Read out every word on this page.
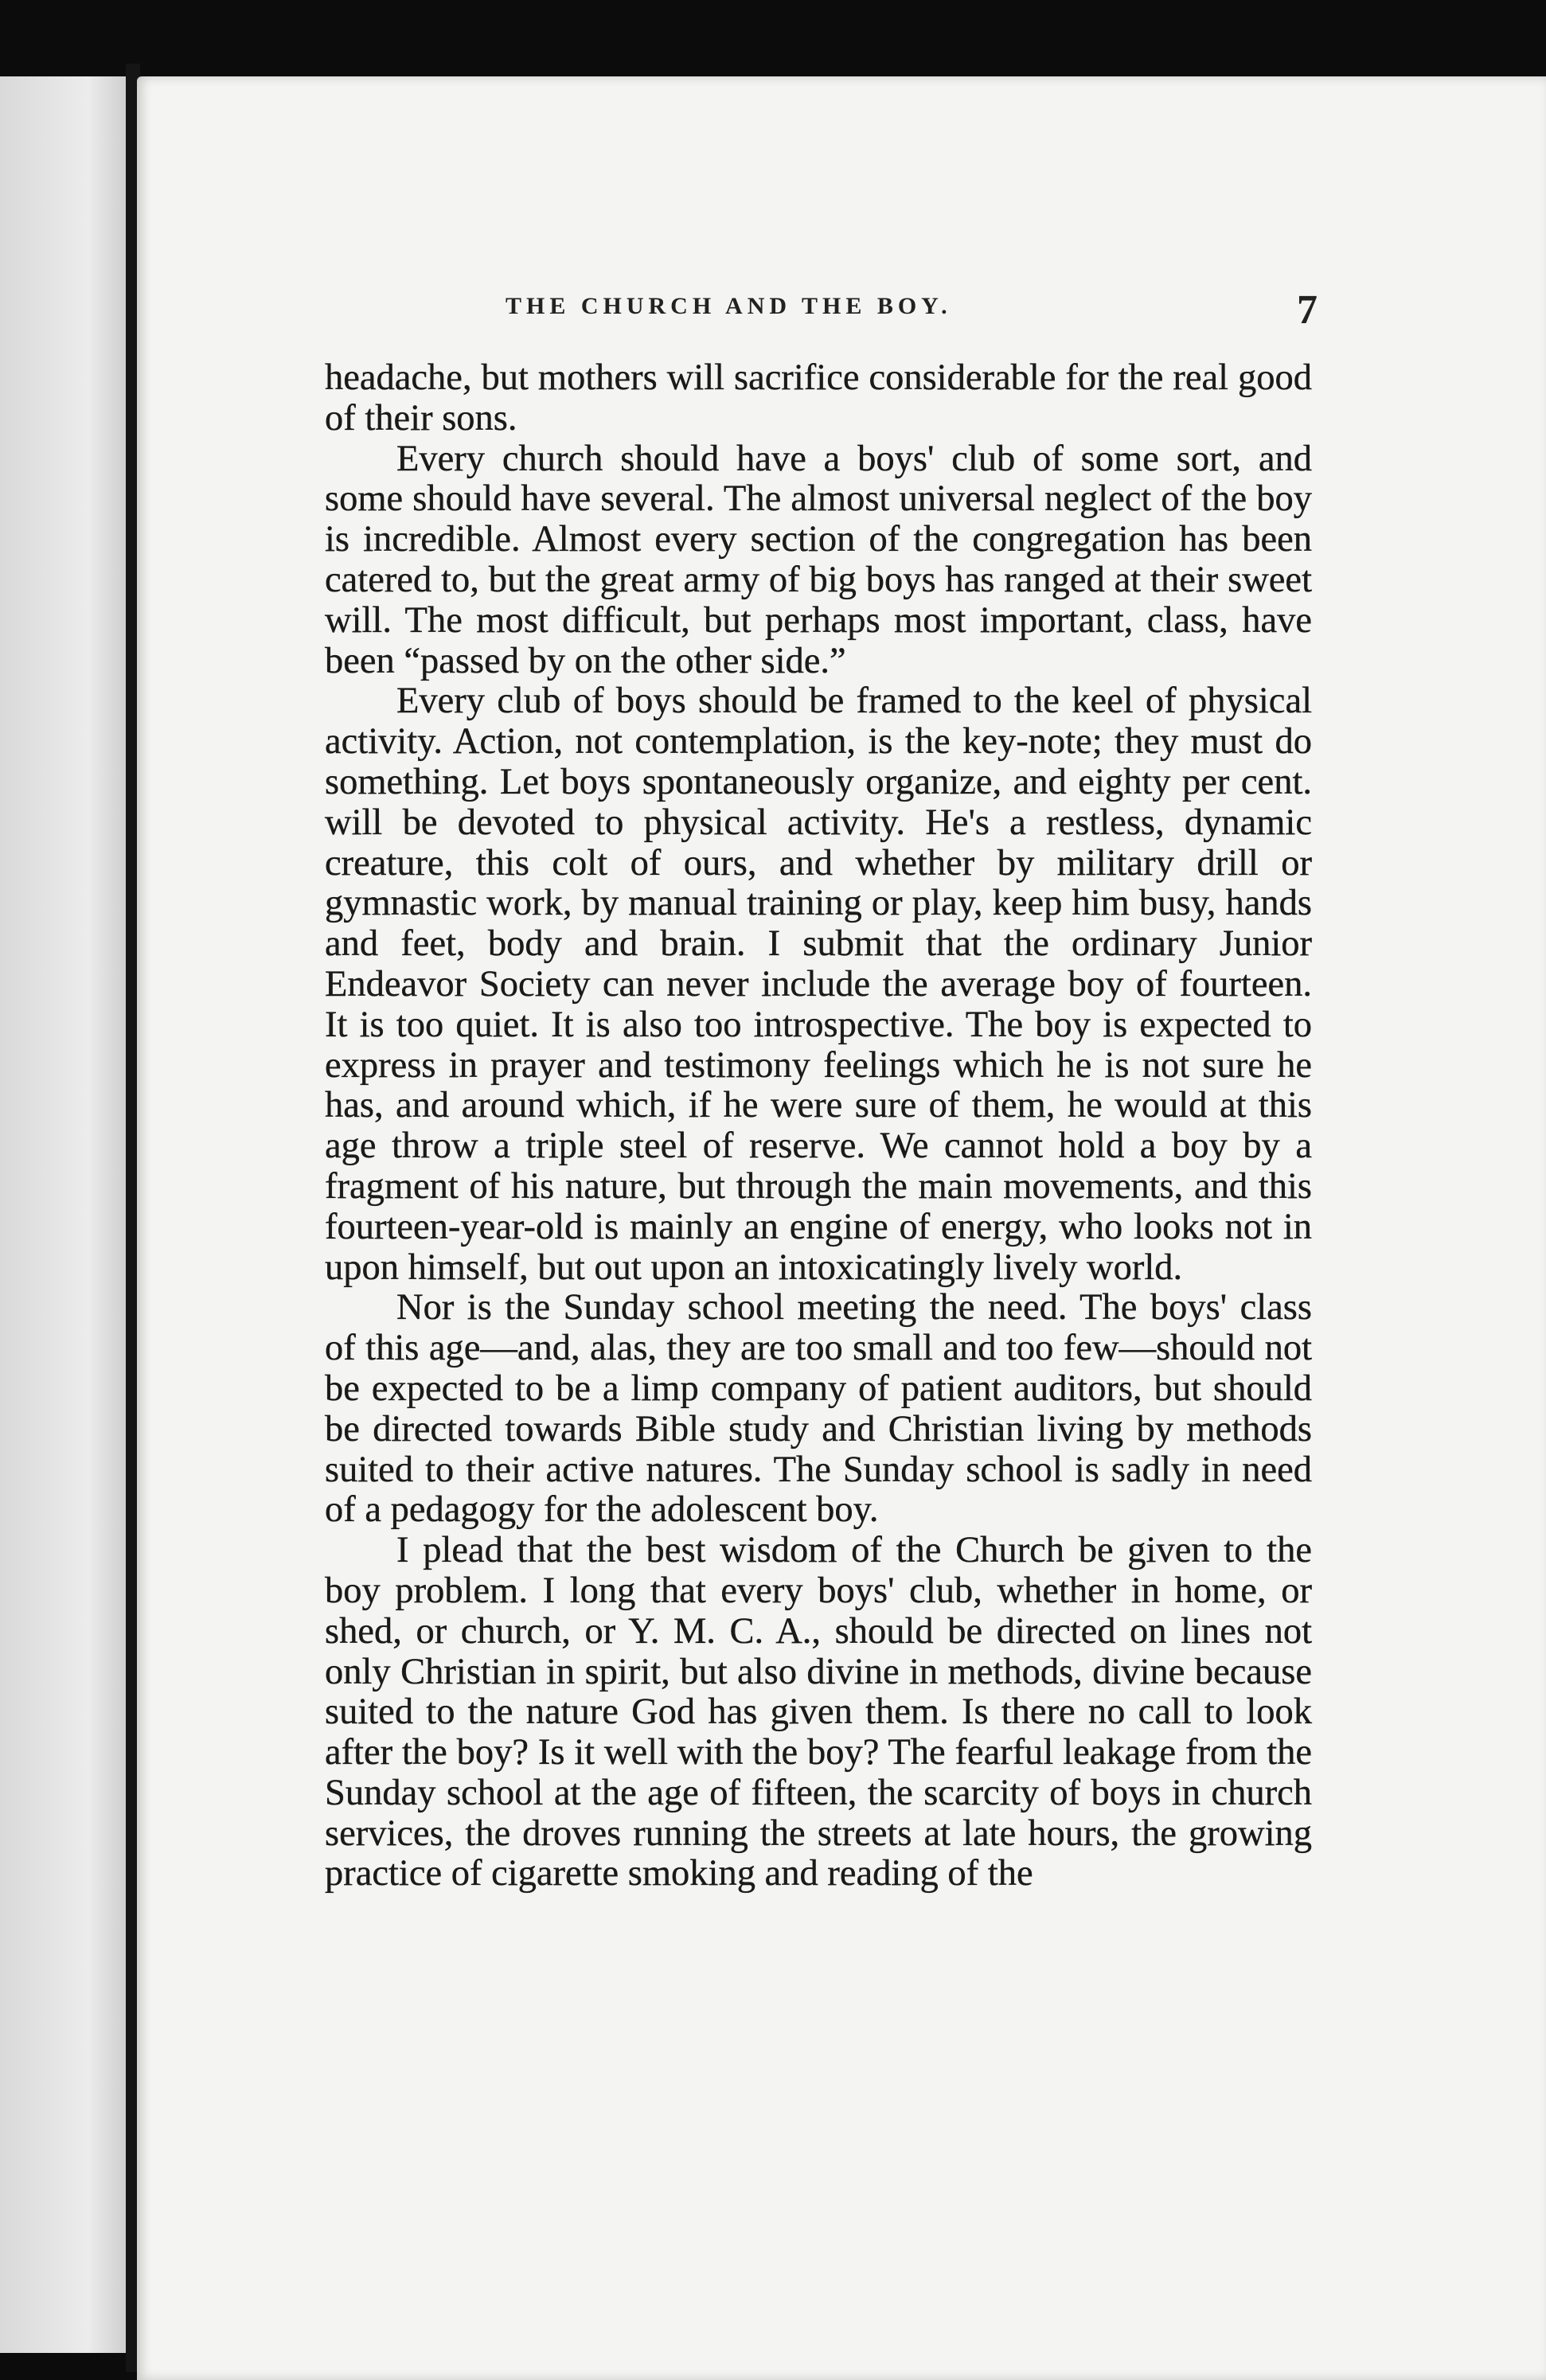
THE CHURCH AND THE BOY.	7

headache, but mothers will sacrifice considerable for the real good of their sons.

Every church should have a boys' club of some sort, and some should have several. The almost universal neglect of the boy is incredible. Almost every section of the congregation has been catered to, but the great army of big boys has ranged at their sweet will. The most difficult, but perhaps most important, class, have been “passed by on the other side.”

Every club of boys should be framed to the keel of physical activity. Action, not contemplation, is the key-note; they must do something. Let boys spontaneously organize, and eighty per cent. will be devoted to physical activity. He's a restless, dynamic creature, this colt of ours, and whether by military drill or gymnastic work, by manual training or play, keep him busy, hands and feet, body and brain. I submit that the ordinary Junior Endeavor Society can never include the average boy of fourteen. It is too quiet. It is also too introspective. The boy is expected to express in prayer and testimony feelings which he is not sure he has, and around which, if he were sure of them, he would at this age throw a triple steel of reserve. We cannot hold a boy by a fragment of his nature, but through the main movements, and this fourteen-year-old is mainly an engine of energy, who looks not in upon himself, but out upon an intoxicatingly lively world.

Nor is the Sunday school meeting the need. The boys' class of this age—and, alas, they are too small and too few—should not be expected to be a limp company of patient auditors, but should be directed towards Bible study and Christian living by methods suited to their active natures. The Sunday school is sadly in need of a pedagogy for the adolescent boy.

I plead that the best wisdom of the Church be given to the boy problem. I long that every boys' club, whether in home, or shed, or church, or Y. M. C. A., should be directed on lines not only Christian in spirit, but also divine in methods, divine because suited to the nature God has given them. Is there no call to look after the boy? Is it well with the boy? The fearful leakage from the Sunday school at the age of fifteen, the scarcity of boys in church services, the droves running the streets at late hours, the growing practice of cigarette smoking and reading of the
